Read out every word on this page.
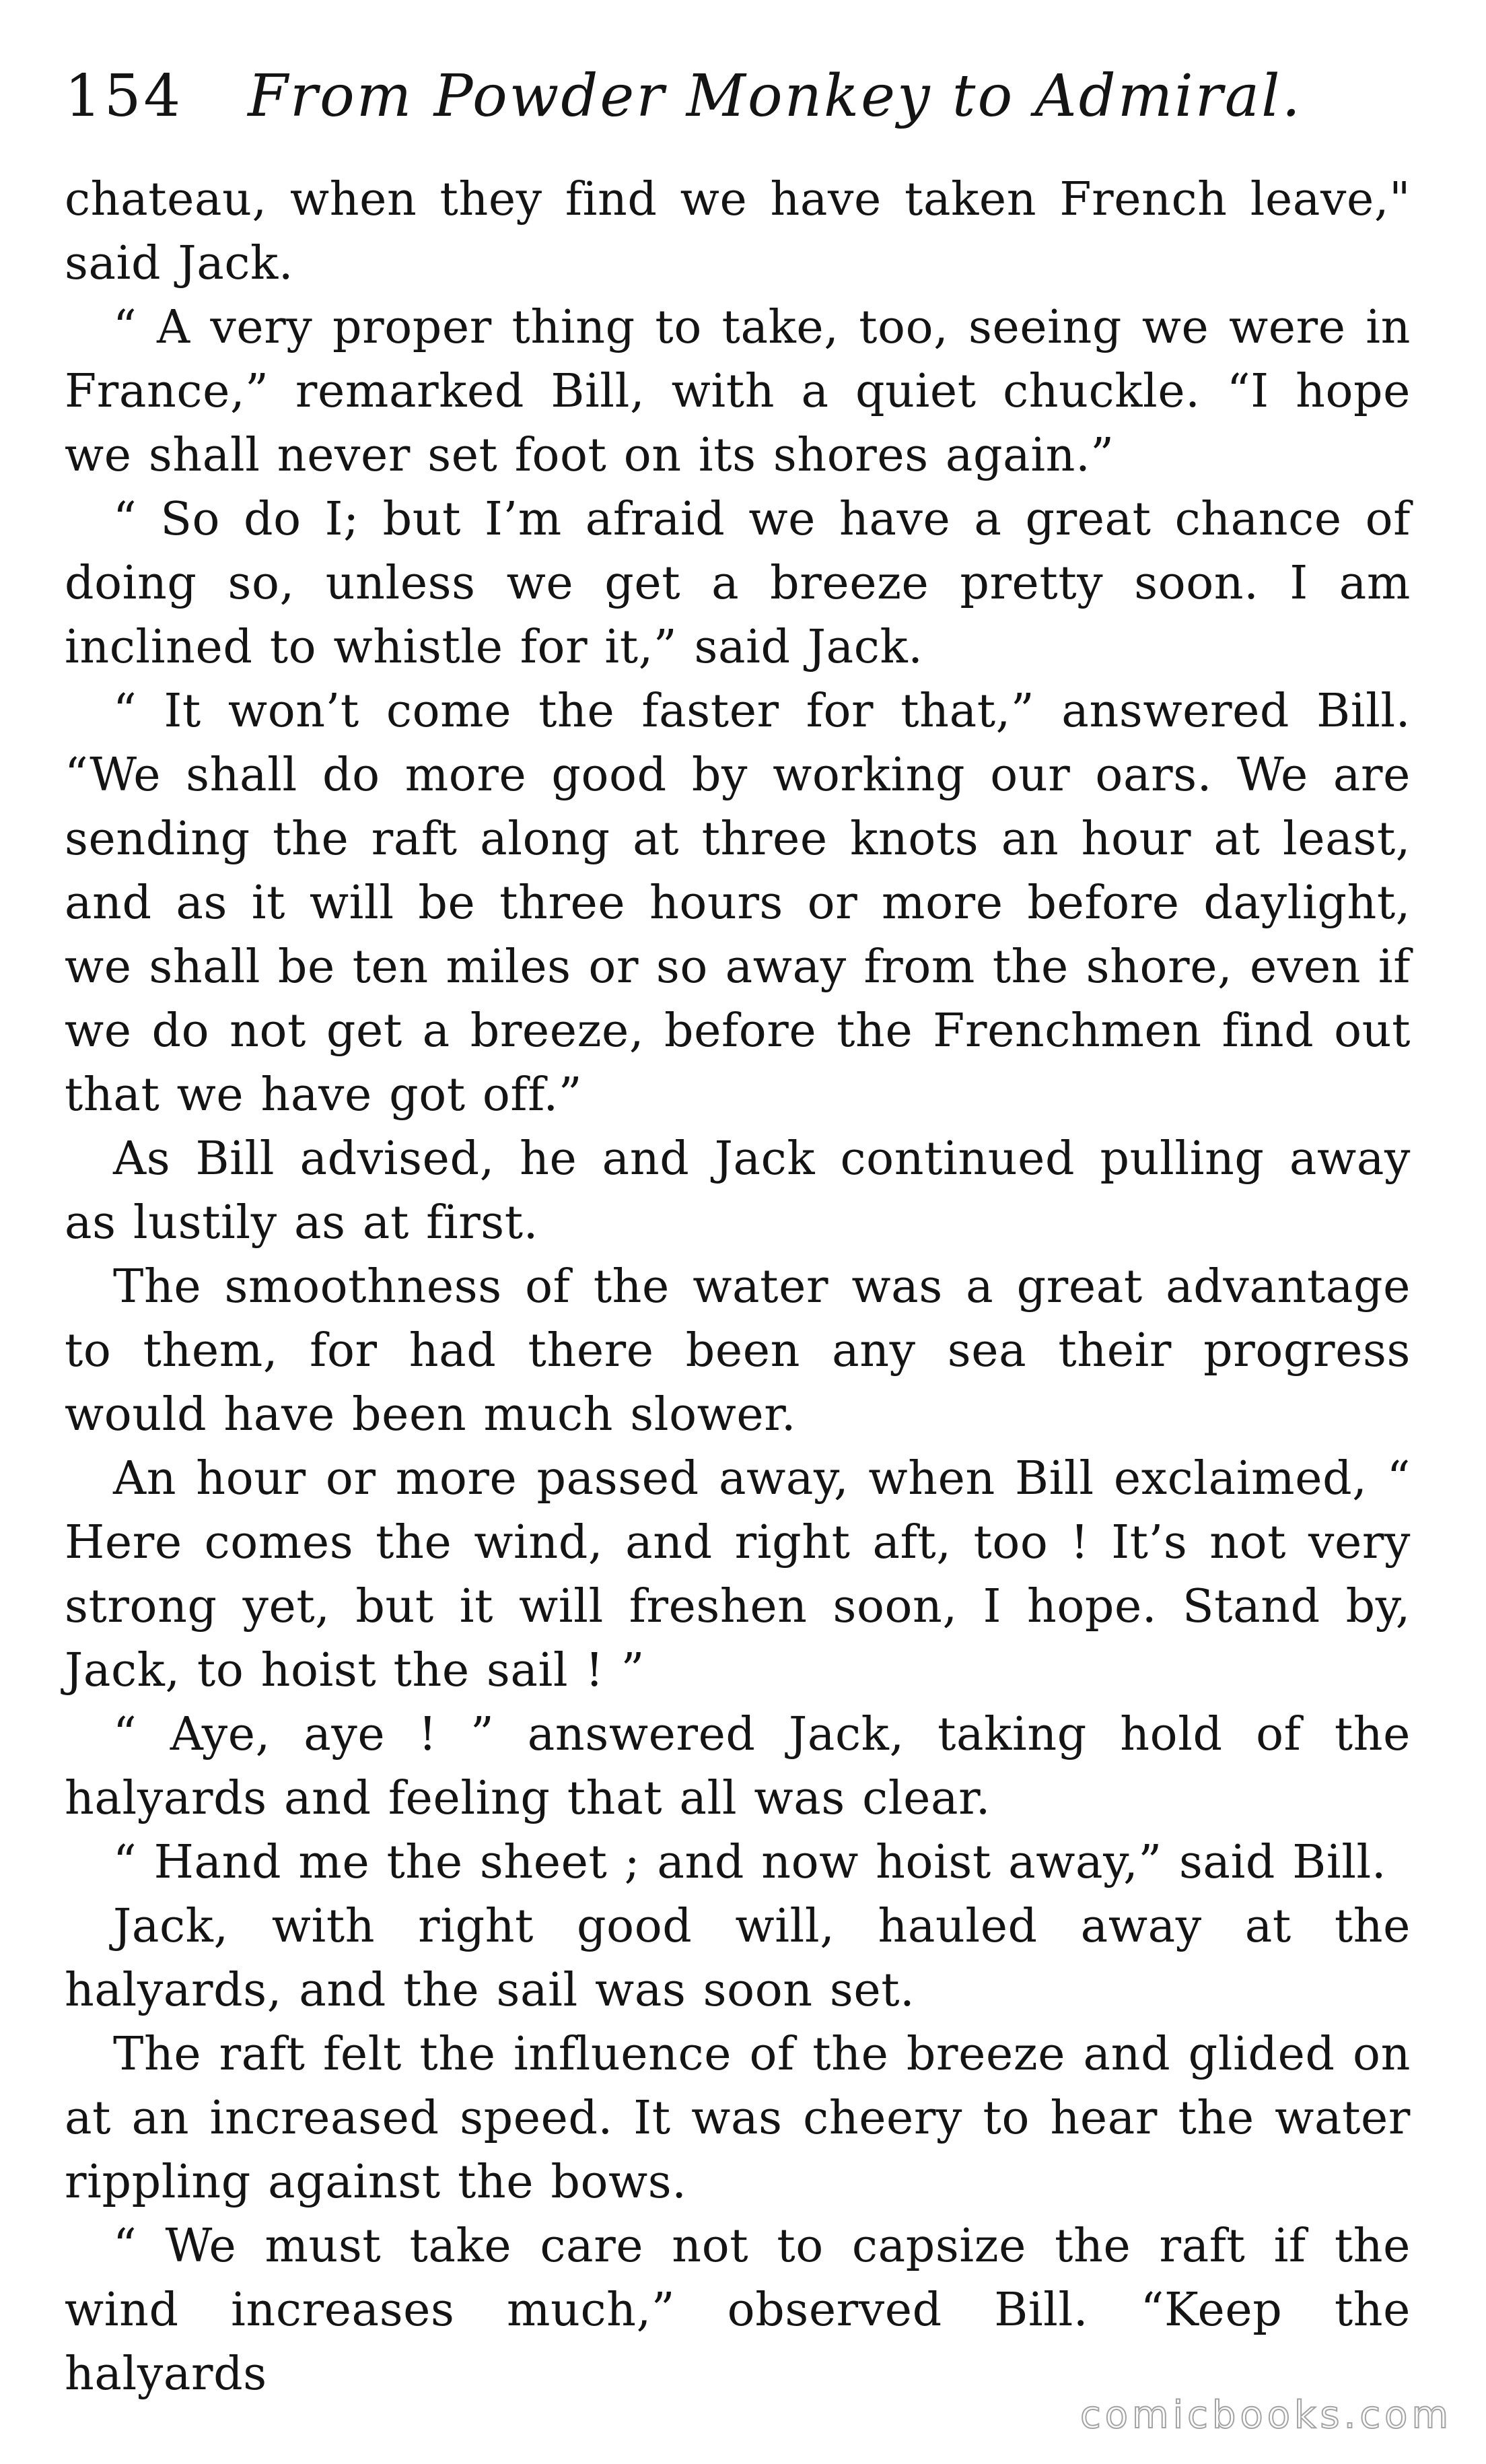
154 From Powder Monkey to Admiral.

chateau, when they find we have taken French leave," said Jack.

“ A very proper thing to take, too, seeing we were in France,” remarked Bill, with a quiet chuckle. “I hope we shall never set foot on its shores again.”

“ So do I; but I’m afraid we have a great chance of doing so, unless we get a breeze pretty soon. I am inclined to whistle for it,” said Jack.

“ It won’t come the faster for that,” answered Bill. “We shall do more good by working our oars. We are sending the raft along at three knots an hour at least, and as it will be three hours or more before daylight, we shall be ten miles or so away from the shore, even if we do not get a breeze, before the Frenchmen find out that we have got off.”

As Bill advised, he and Jack continued pulling away as lustily as at first.

The smoothness of the water was a great advantage to them, for had there been any sea their progress would have been much slower.

An hour or more passed away, when Bill exclaimed, “ Here comes the wind, and right aft, too ! It’s not very strong yet, but it will freshen soon, I hope. Stand by, Jack, to hoist the sail ! ”

“ Aye, aye ! ” answered Jack, taking hold of the halyards and feeling that all was clear.

“ Hand me the sheet ; and now hoist away,” said Bill.

Jack, with right good will, hauled away at the halyards, and the sail was soon set.

The raft felt the influence of the breeze and glided on at an increased speed. It was cheery to hear the water rippling against the bows.

“ We must take care not to capsize the raft if the wind increases much,” observed Bill. “Keep the halyards

comicbooks.com
